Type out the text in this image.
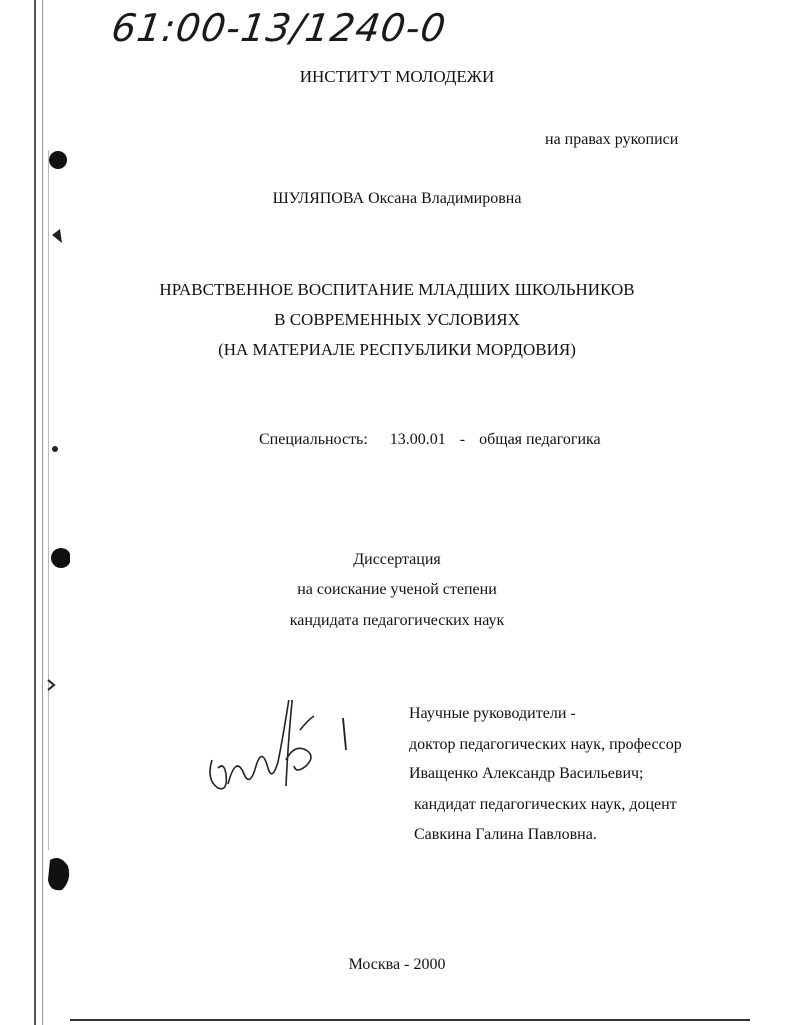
61:00-13/1240-0
ИНСТИТУТ МОЛОДЕЖИ
на правах рукописи
ШУЛЯПОВА Оксана Владимировна
НРАВСТВЕННОЕ ВОСПИТАНИЕ МЛАДШИХ ШКОЛЬНИКОВ
В СОВРЕМЕННЫХ УСЛОВИЯХ
(НА МАТЕРИАЛЕ РЕСПУБЛИКИ МОРДОВИЯ)
Специальность: 13.00.01 - общая педагогика
Диссертация
на соискание ученой степени
кандидата педагогических наук
Научные руководители -
доктор педагогических наук, профессор
Иващенко Александр Васильевич;
кандидат педагогических наук, доцент
Савкина Галина Павловна.
Москва - 2000
